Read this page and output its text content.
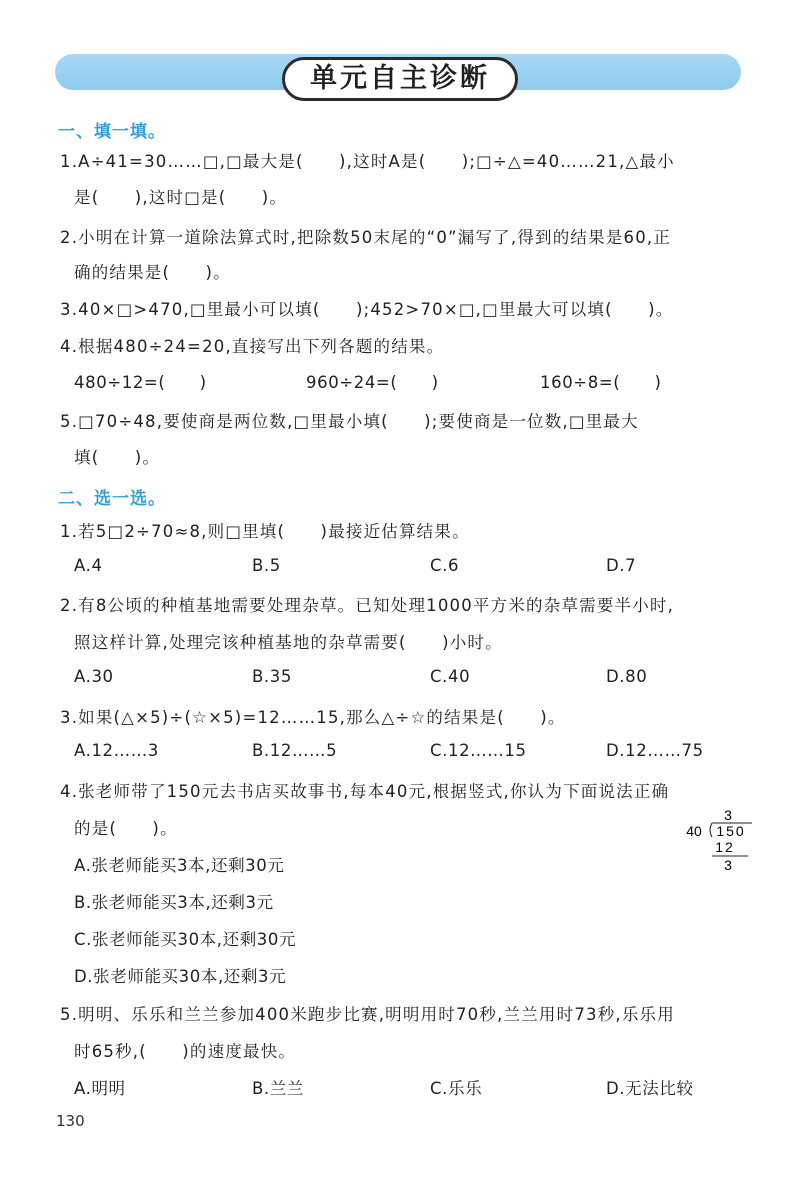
单元自主诊断
一、填一填。
1.A÷41=30……□,□最大是(　　),这时A是(　　);□÷△=40……21,△最小
是(　　),这时□是(　　)。
2.小明在计算一道除法算式时,把除数50末尾的“0”漏写了,得到的结果是60,正
确的结果是(　　)。
3.40×□>470,□里最小可以填(　　);452>70×□,□里最大可以填(　　)。
4.根据480÷24=20,直接写出下列各题的结果。
480÷12=(　　)	960÷24=(　　)	160÷8=(　　)
5.□70÷48,要使商是两位数,□里最小填(　　);要使商是一位数,□里最大
填(　　)。
二、选一选。
1.若5□2÷70≈8,则□里填(　　)最接近估算结果。
A.4	B.5	C.6	D.7
2.有8公顷的种植基地需要处理杂草。已知处理1000平方米的杂草需要半小时,
照这样计算,处理完该种植基地的杂草需要(　　)小时。
A.30	B.35	C.40	D.80
3.如果(△×5)÷(☆×5)=12……15,那么△÷☆的结果是(　　)。
A.12……3	B.12……5	C.12……15	D.12……75
4.张老师带了150元去书店买故事书,每本40元,根据竖式,你认为下面说法正确
的是(　　)。
3
40 150
12
3
A.张老师能买3本,还剩30元
B.张老师能买3本,还剩3元
C.张老师能买30本,还剩30元
D.张老师能买30本,还剩3元
5.明明、乐乐和兰兰参加400米跑步比赛,明明用时70秒,兰兰用时73秒,乐乐用
时65秒,(　　)的速度最快。
A.明明	B.兰兰	C.乐乐	D.无法比较
130
